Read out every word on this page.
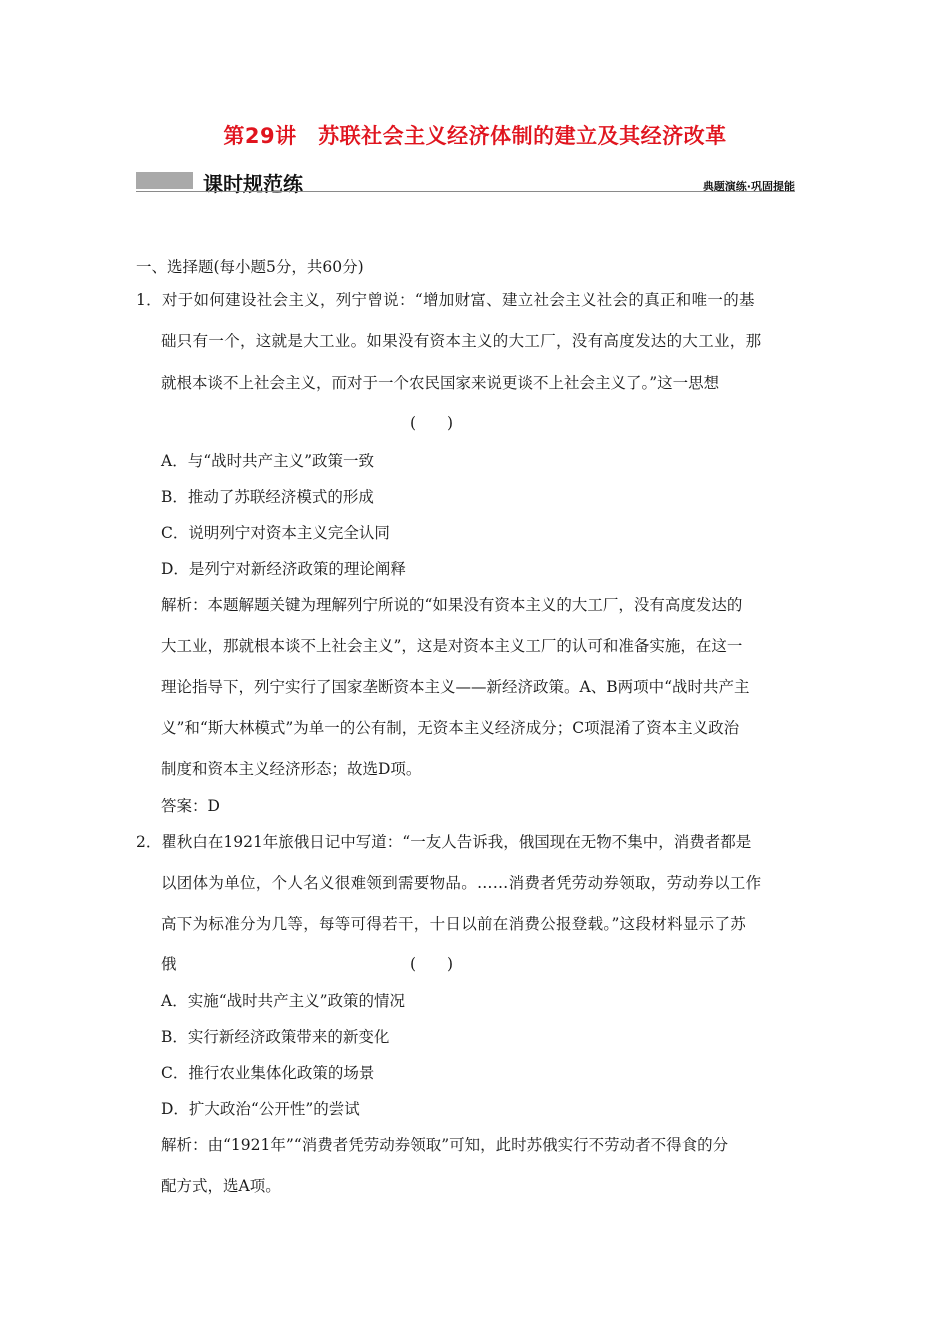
第29讲　苏联社会主义经济体制的建立及其经济改革
课时规范练	典题演练·巩固提能
一、选择题(每小题5分，共60分)
1．对于如何建设社会主义，列宁曾说：“增加财富、建立社会主义社会的真正和唯一的基
础只有一个，这就是大工业。如果没有资本主义的大工厂，没有高度发达的大工业，那
就根本谈不上社会主义，而对于一个农民国家来说更谈不上社会主义了。”这一思想
(　　)
A．与“战时共产主义”政策一致
B．推动了苏联经济模式的形成
C．说明列宁对资本主义完全认同
D．是列宁对新经济政策的理论阐释
解析：本题解题关键为理解列宁所说的“如果没有资本主义的大工厂，没有高度发达的
大工业，那就根本谈不上社会主义”，这是对资本主义工厂的认可和准备实施，在这一
理论指导下，列宁实行了国家垄断资本主义——新经济政策。A、B两项中“战时共产主
义”和“斯大林模式”为单一的公有制，无资本主义经济成分；C项混淆了资本主义政治
制度和资本主义经济形态；故选D项。
答案：D
2．瞿秋白在1921年旅俄日记中写道：“一友人告诉我，俄国现在无物不集中，消费者都是
以团体为单位，个人名义很难领到需要物品。……消费者凭劳动券领取，劳动券以工作
高下为标准分为几等，每等可得若干，十日以前在消费公报登载。”这段材料显示了苏
俄	(　　)
A．实施“战时共产主义”政策的情况
B．实行新经济政策带来的新变化
C．推行农业集体化政策的场景
D．扩大政治“公开性”的尝试
解析：由“1921年”“消费者凭劳动券领取”可知，此时苏俄实行不劳动者不得食的分
配方式，选A项。
